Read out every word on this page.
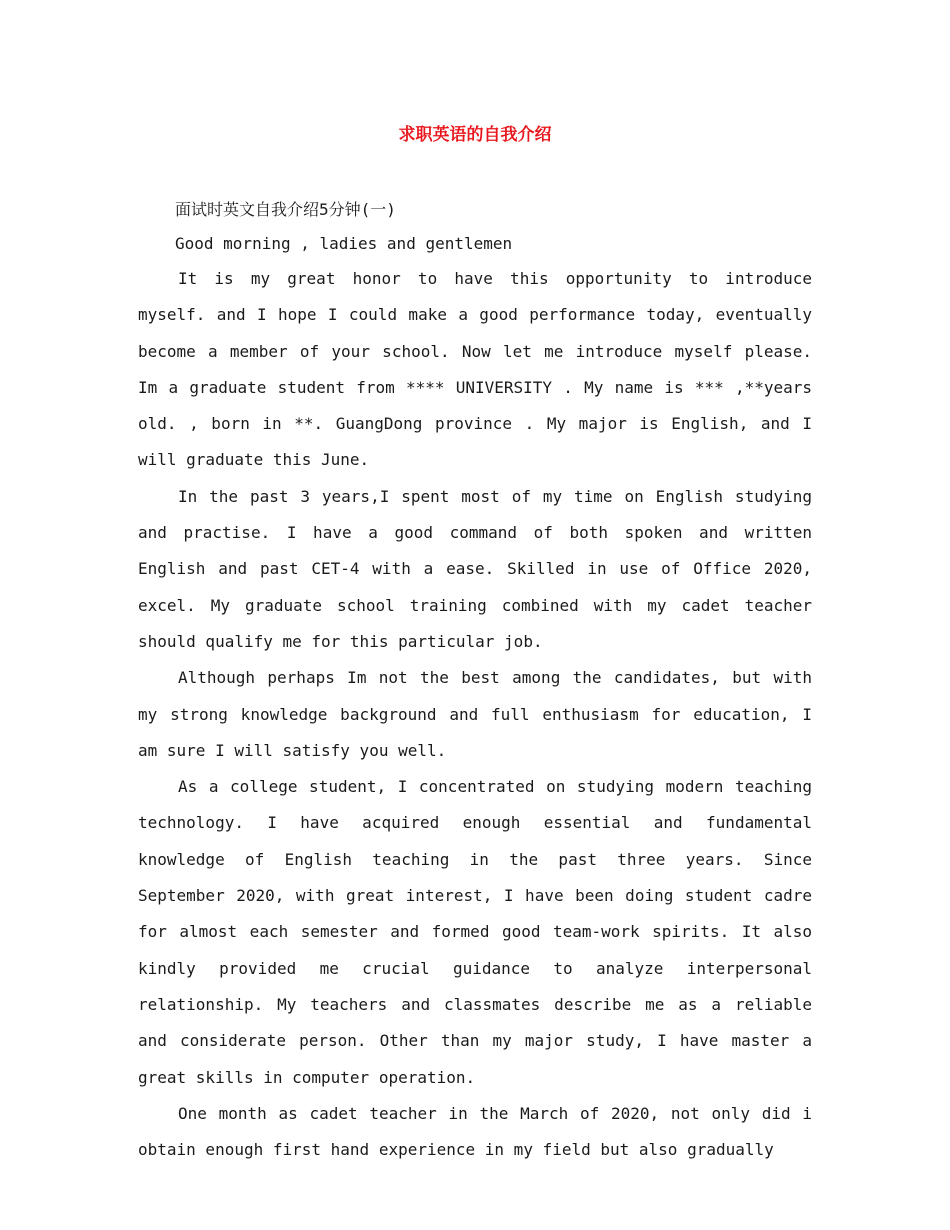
求职英语的自我介绍
面试时英文自我介绍5分钟(一)
Good morning , ladies and gentlemen

It is my great honor to have this opportunity to introduce myself. and I hope I could make a good performance today, eventually become a member of your school. Now let me introduce myself please. Im a graduate student from **** UNIVERSITY . My name is *** ,**years old. , born in **. GuangDong province . My major is English, and I will graduate this June.

In the past 3 years,I spent most of my time on English studying and practise. I have a good command of both spoken and written English and past CET-4 with a ease. Skilled in use of Office 2020, excel. My graduate school training combined with my cadet teacher should qualify me for this particular job.

Although perhaps Im not the best among the candidates, but with my strong knowledge background and full enthusiasm for education, I am sure I will satisfy you well.

As a college student, I concentrated on studying modern teaching technology. I have acquired enough essential and fundamental knowledge of English teaching in the past three years. Since September 2020, with great interest, I have been doing student cadre for almost each semester and formed good team-work spirits. It also kindly provided me crucial guidance to analyze interpersonal relationship. My teachers and classmates describe me as a reliable and considerate person. Other than my major study, I have master a great skills in computer operation.

One month as cadet teacher in the March of 2020, not only did i obtain enough first hand experience in my field but also gradually
